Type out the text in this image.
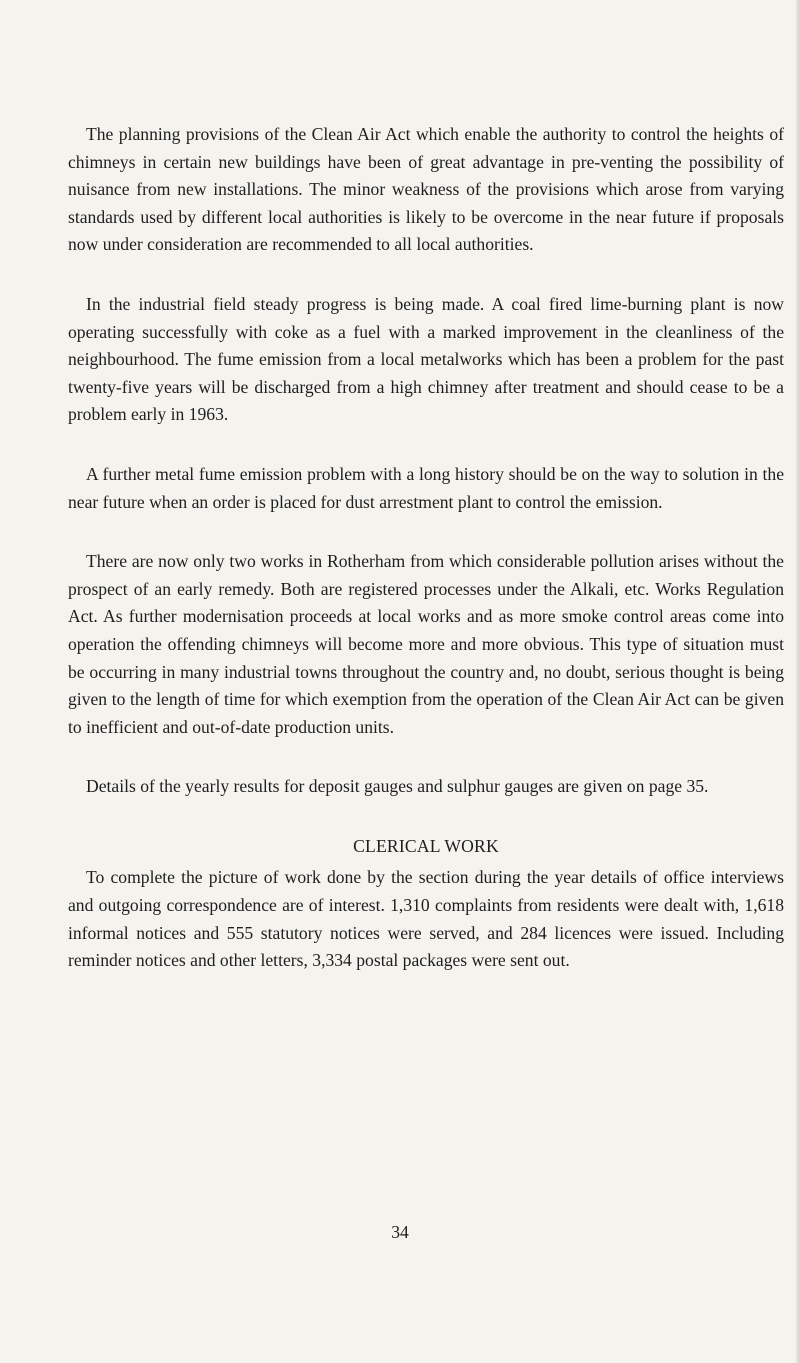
The planning provisions of the Clean Air Act which enable the authority to control the heights of chimneys in certain new buildings have been of great advantage in pre-venting the possibility of nuisance from new installations. The minor weakness of the provisions which arose from varying standards used by different local authorities is likely to be overcome in the near future if proposals now under consideration are recommended to all local authorities.

In the industrial field steady progress is being made. A coal fired lime-burning plant is now operating successfully with coke as a fuel with a marked improvement in the cleanliness of the neighbourhood. The fume emission from a local metalworks which has been a problem for the past twenty-five years will be discharged from a high chimney after treatment and should cease to be a problem early in 1963.

A further metal fume emission problem with a long history should be on the way to solution in the near future when an order is placed for dust arrestment plant to control the emission.

There are now only two works in Rotherham from which considerable pollution arises without the prospect of an early remedy. Both are registered processes under the Alkali, etc. Works Regulation Act. As further modernisation proceeds at local works and as more smoke control areas come into operation the offending chimneys will become more and more obvious. This type of situation must be occurring in many industrial towns throughout the country and, no doubt, serious thought is being given to the length of time for which exemption from the operation of the Clean Air Act can be given to inefficient and out-of-date production units.

Details of the yearly results for deposit gauges and sulphur gauges are given on page 35.

CLERICAL WORK

To complete the picture of work done by the section during the year details of office interviews and outgoing correspondence are of interest. 1,310 complaints from residents were dealt with, 1,618 informal notices and 555 statutory notices were served, and 284 licences were issued. Including reminder notices and other letters, 3,334 postal packages were sent out.

34
